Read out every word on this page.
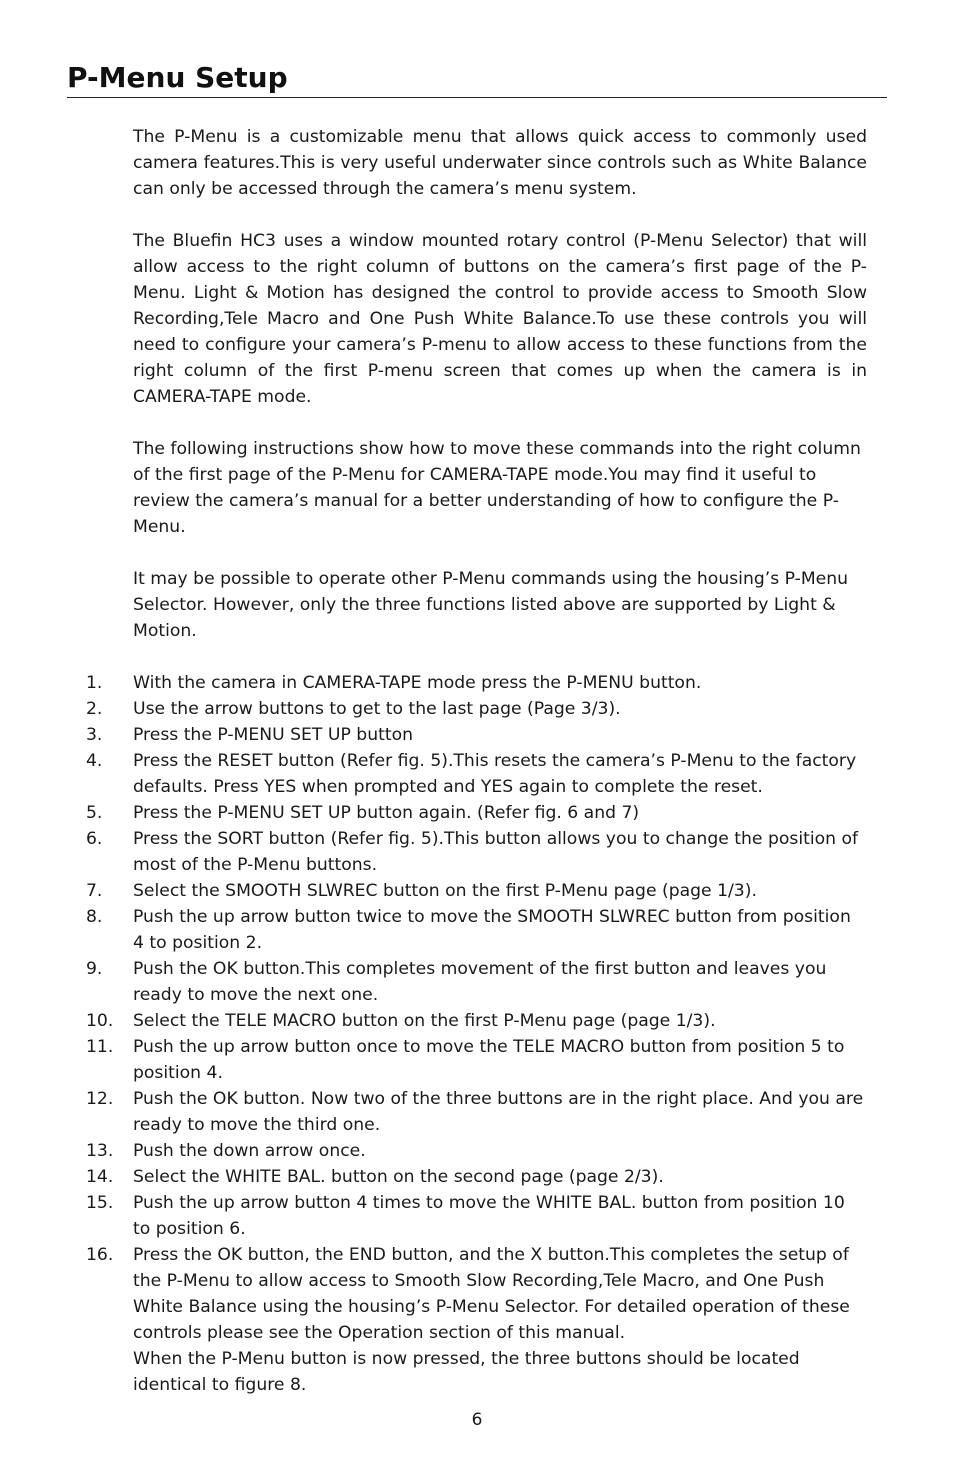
P-Menu Setup

The P-Menu is a customizable menu that allows quick access to commonly used camera features.This is very useful underwater since controls such as White Balance can only be accessed through the camera’s menu system.

The Bluefin HC3 uses a window mounted rotary control (P-Menu Selector) that will allow access to the right column of buttons on the camera’s first page of the P-Menu. Light & Motion has designed the control to provide access to Smooth Slow Recording,Tele Macro and One Push White Balance.To use these controls you will need to configure your camera’s P-menu to allow access to these functions from the right column of the first P-menu screen that comes up when the camera is in CAMERA-TAPE mode.

The following instructions show how to move these commands into the right column of the first page of the P-Menu for CAMERA-TAPE mode.You may find it useful to review the camera’s manual for a better understanding of how to configure the P-Menu.

It may be possible to operate other P-Menu commands using the housing’s P-Menu Selector. However, only the three functions listed above are supported by Light & Motion.

1. With the camera in CAMERA-TAPE mode press the P-MENU button.
2. Use the arrow buttons to get to the last page (Page 3/3).
3. Press the P-MENU SET UP button
4. Press the RESET button (Refer fig. 5).This resets the camera’s P-Menu to the factory defaults. Press YES when prompted and YES again to complete the reset.
5. Press the P-MENU SET UP button again. (Refer fig. 6 and 7)
6. Press the SORT button (Refer fig. 5).This button allows you to change the position of most of the P-Menu buttons.
7. Select the SMOOTH SLWREC button on the first P-Menu page (page 1/3).
8. Push the up arrow button twice to move the SMOOTH SLWREC button from position 4 to position 2.
9. Push the OK button.This completes movement of the first button and leaves you ready to move the next one.
10. Select the TELE MACRO button on the first P-Menu page (page 1/3).
11. Push the up arrow button once to move the TELE MACRO button from position 5 to position 4.
12. Push the OK button. Now two of the three buttons are in the right place. And you are ready to move the third one.
13. Push the down arrow once.
14. Select the WHITE BAL. button on the second page (page 2/3).
15. Push the up arrow button 4 times to move the WHITE BAL. button from position 10 to position 6.
16. Press the OK button, the END button, and the X button.This completes the setup of the P-Menu to allow access to Smooth Slow Recording,Tele Macro, and One Push White Balance using the housing’s P-Menu Selector. For detailed operation of these controls please see the Operation section of this manual.
When the P-Menu button is now pressed, the three buttons should be located identical to figure 8.
6
